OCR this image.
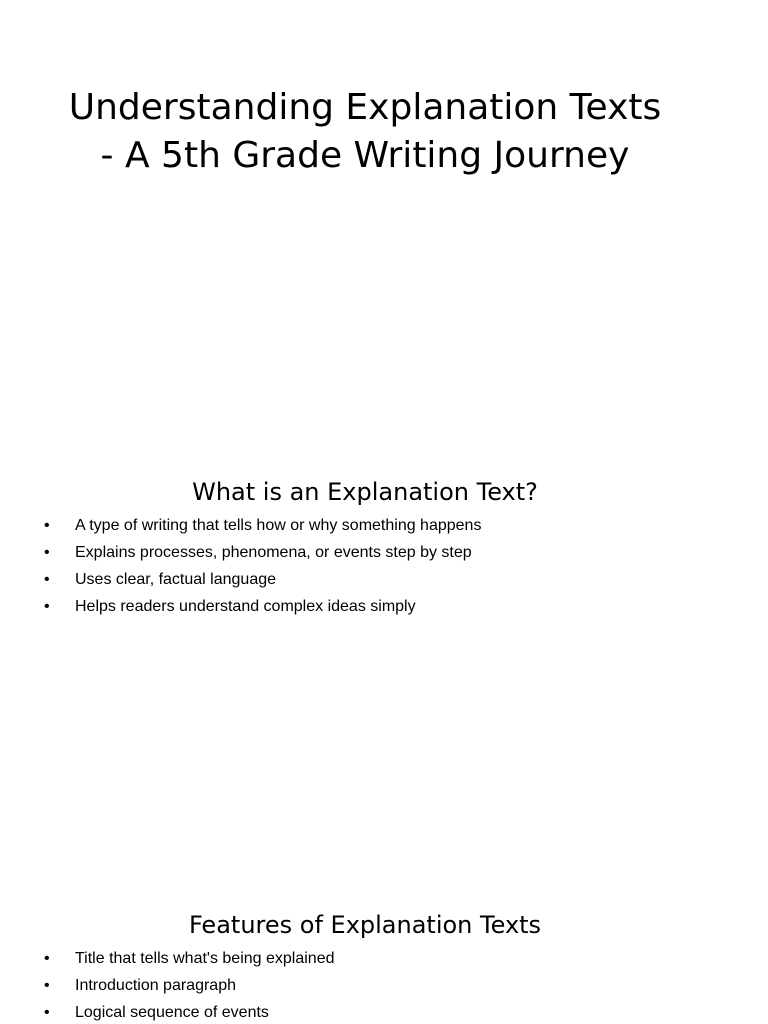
Understanding Explanation Texts
- A 5th Grade Writing Journey
What is an Explanation Text?
•	A type of writing that tells how or why something happens
•	Explains processes, phenomena, or events step by step
•	Uses clear, factual language
•	Helps readers understand complex ideas simply
Features of Explanation Texts
•	Title that tells what's being explained
•	Introduction paragraph
•	Logical sequence of events
